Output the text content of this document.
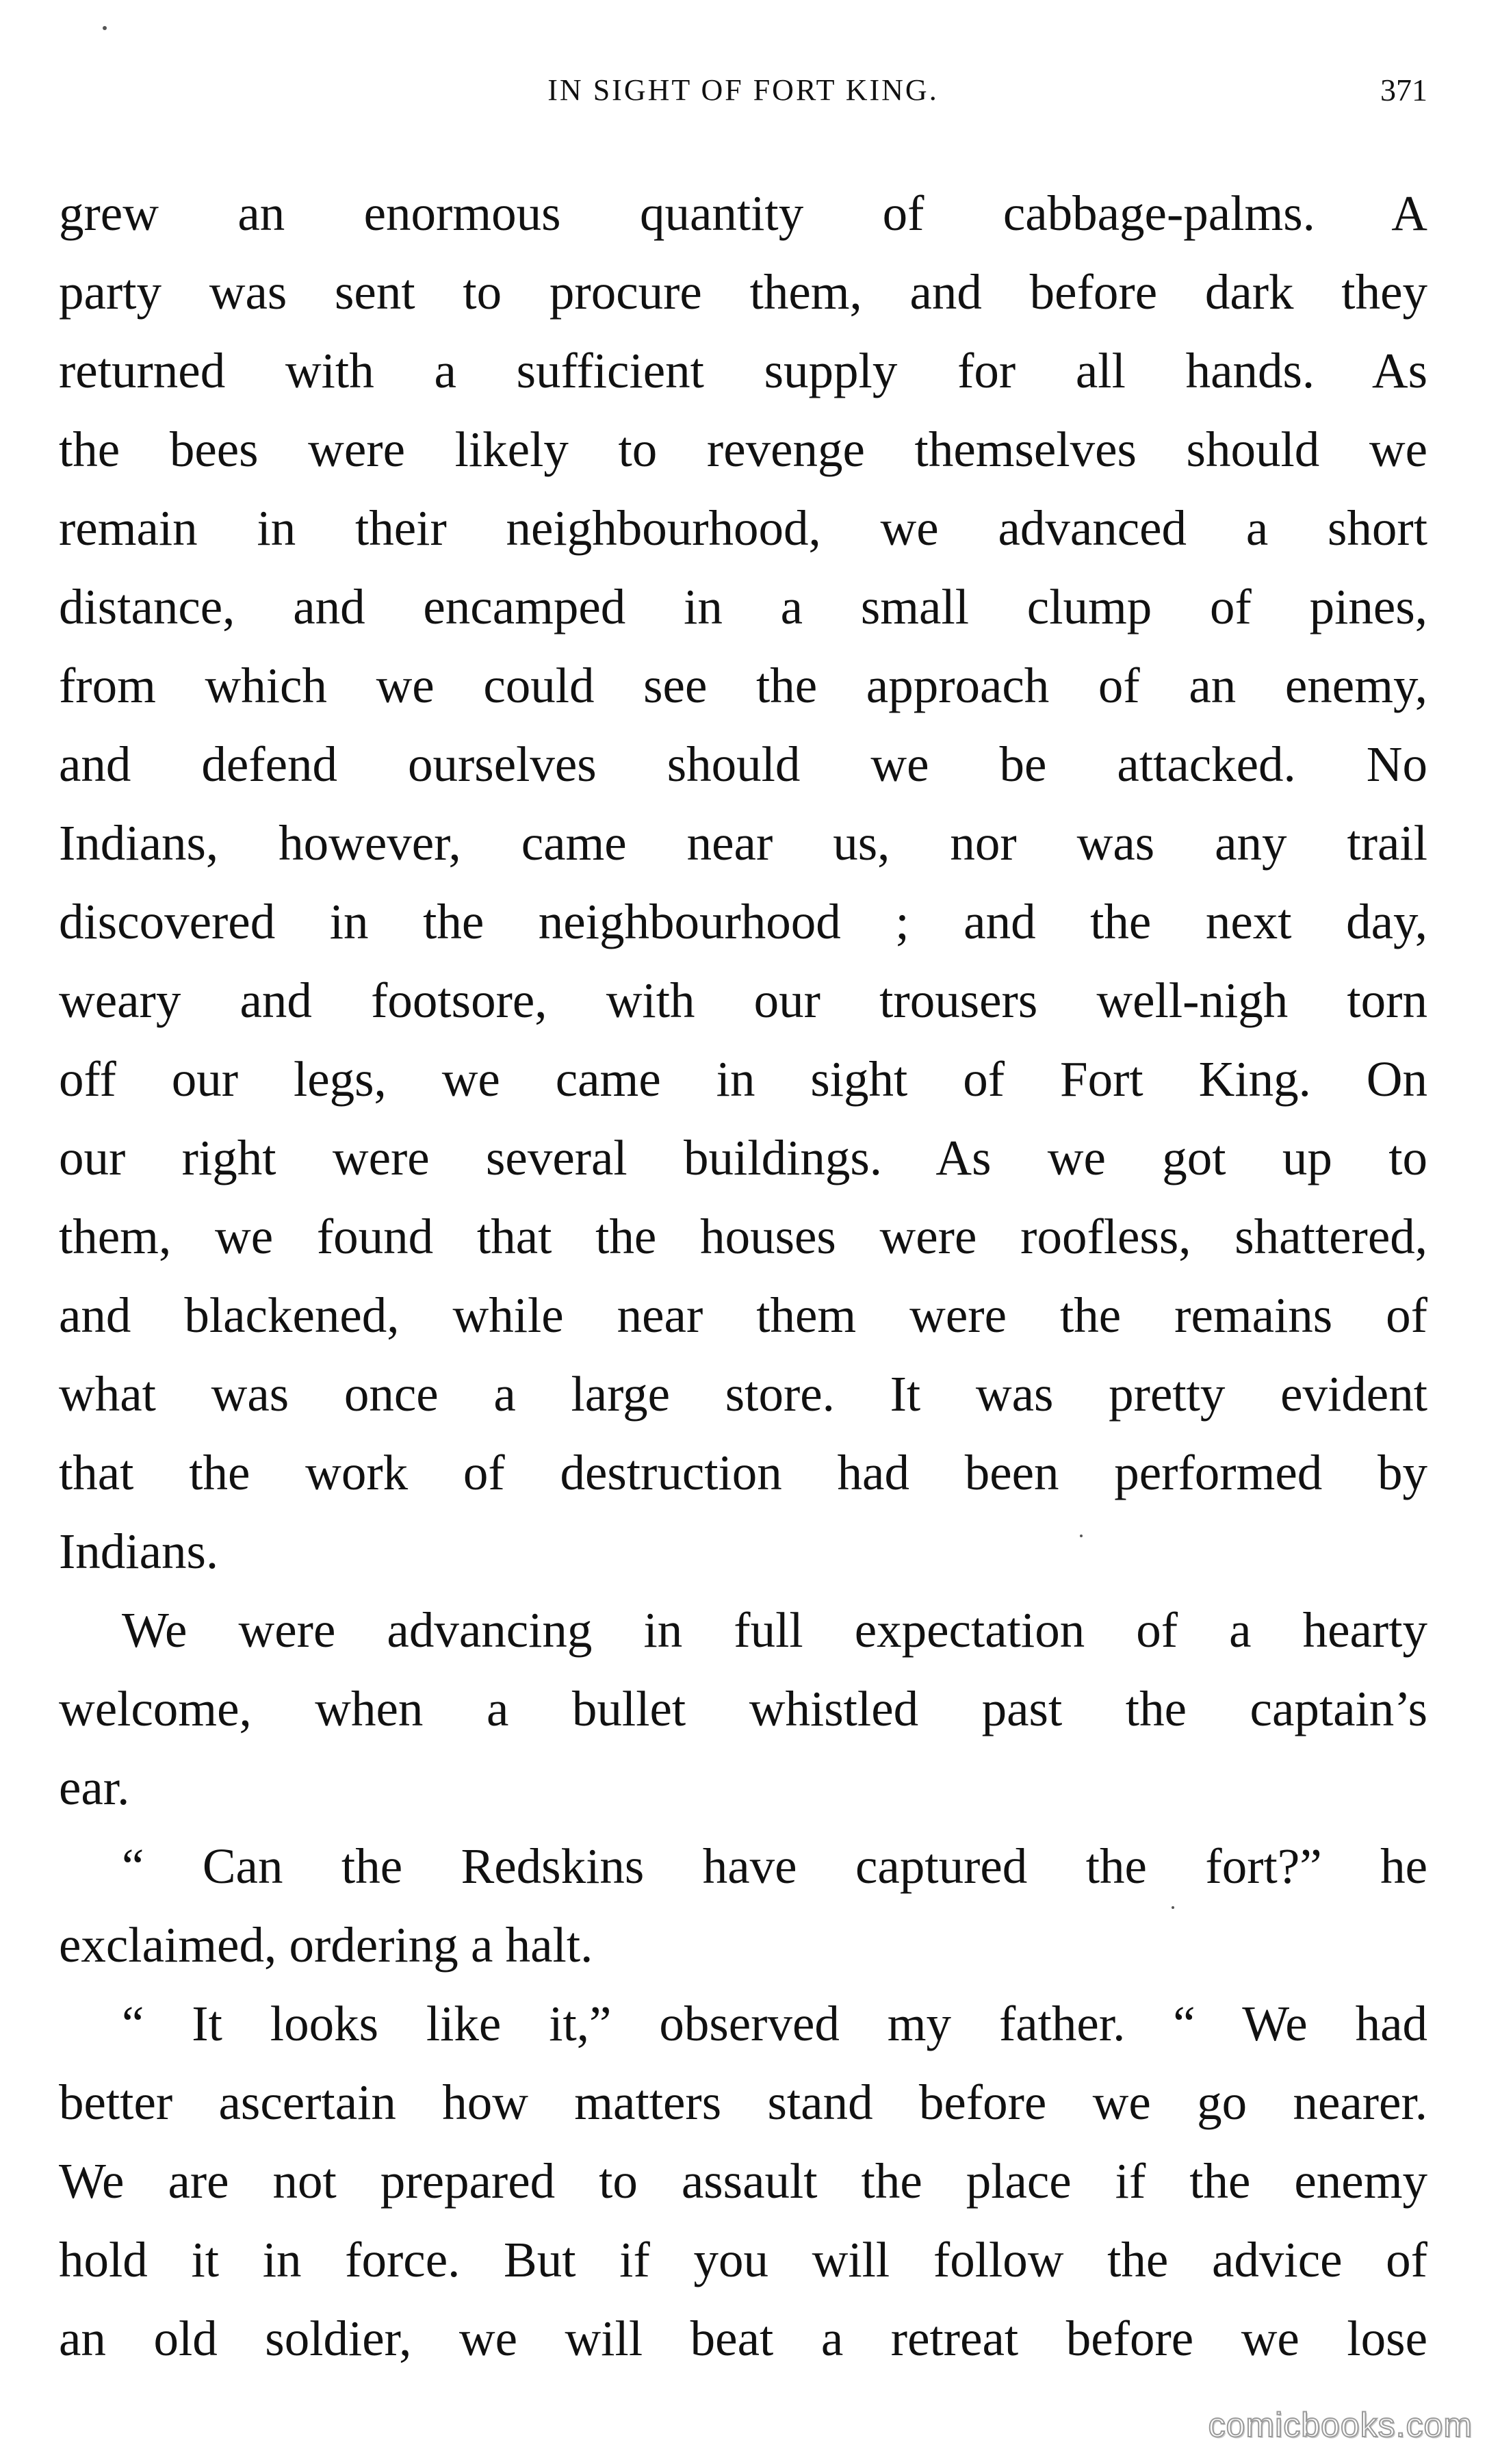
IN SIGHT OF FORT KING.	371
grew an enormous quantity of cabbage-palms. A
party was sent to procure them, and before dark they
returned with a sufficient supply for all hands. As
the bees were likely to revenge themselves should we
remain in their neighbourhood, we advanced a short
distance, and encamped in a small clump of pines,
from which we could see the approach of an enemy,
and defend ourselves should we be attacked. No
Indians, however, came near us, nor was any trail
discovered in the neighbourhood ; and the next day,
weary and footsore, with our trousers well-nigh torn
off our legs, we came in sight of Fort King. On
our right were several buildings. As we got up to
them, we found that the houses were roofless, shattered,
and blackened, while near them were the remains of
what was once a large store. It was pretty evident
that the work of destruction had been performed by
Indians.
We were advancing in full expectation of a hearty
welcome, when a bullet whistled past the captain’s
ear.
“ Can the Redskins have captured the fort?” he
exclaimed, ordering a halt.
“ It looks like it,” observed my father. “ We had
better ascertain how matters stand before we go nearer.
We are not prepared to assault the place if the enemy
hold it in force. But if you will follow the advice of
an old soldier, we will beat a retreat before we lose
comicbooks.com
